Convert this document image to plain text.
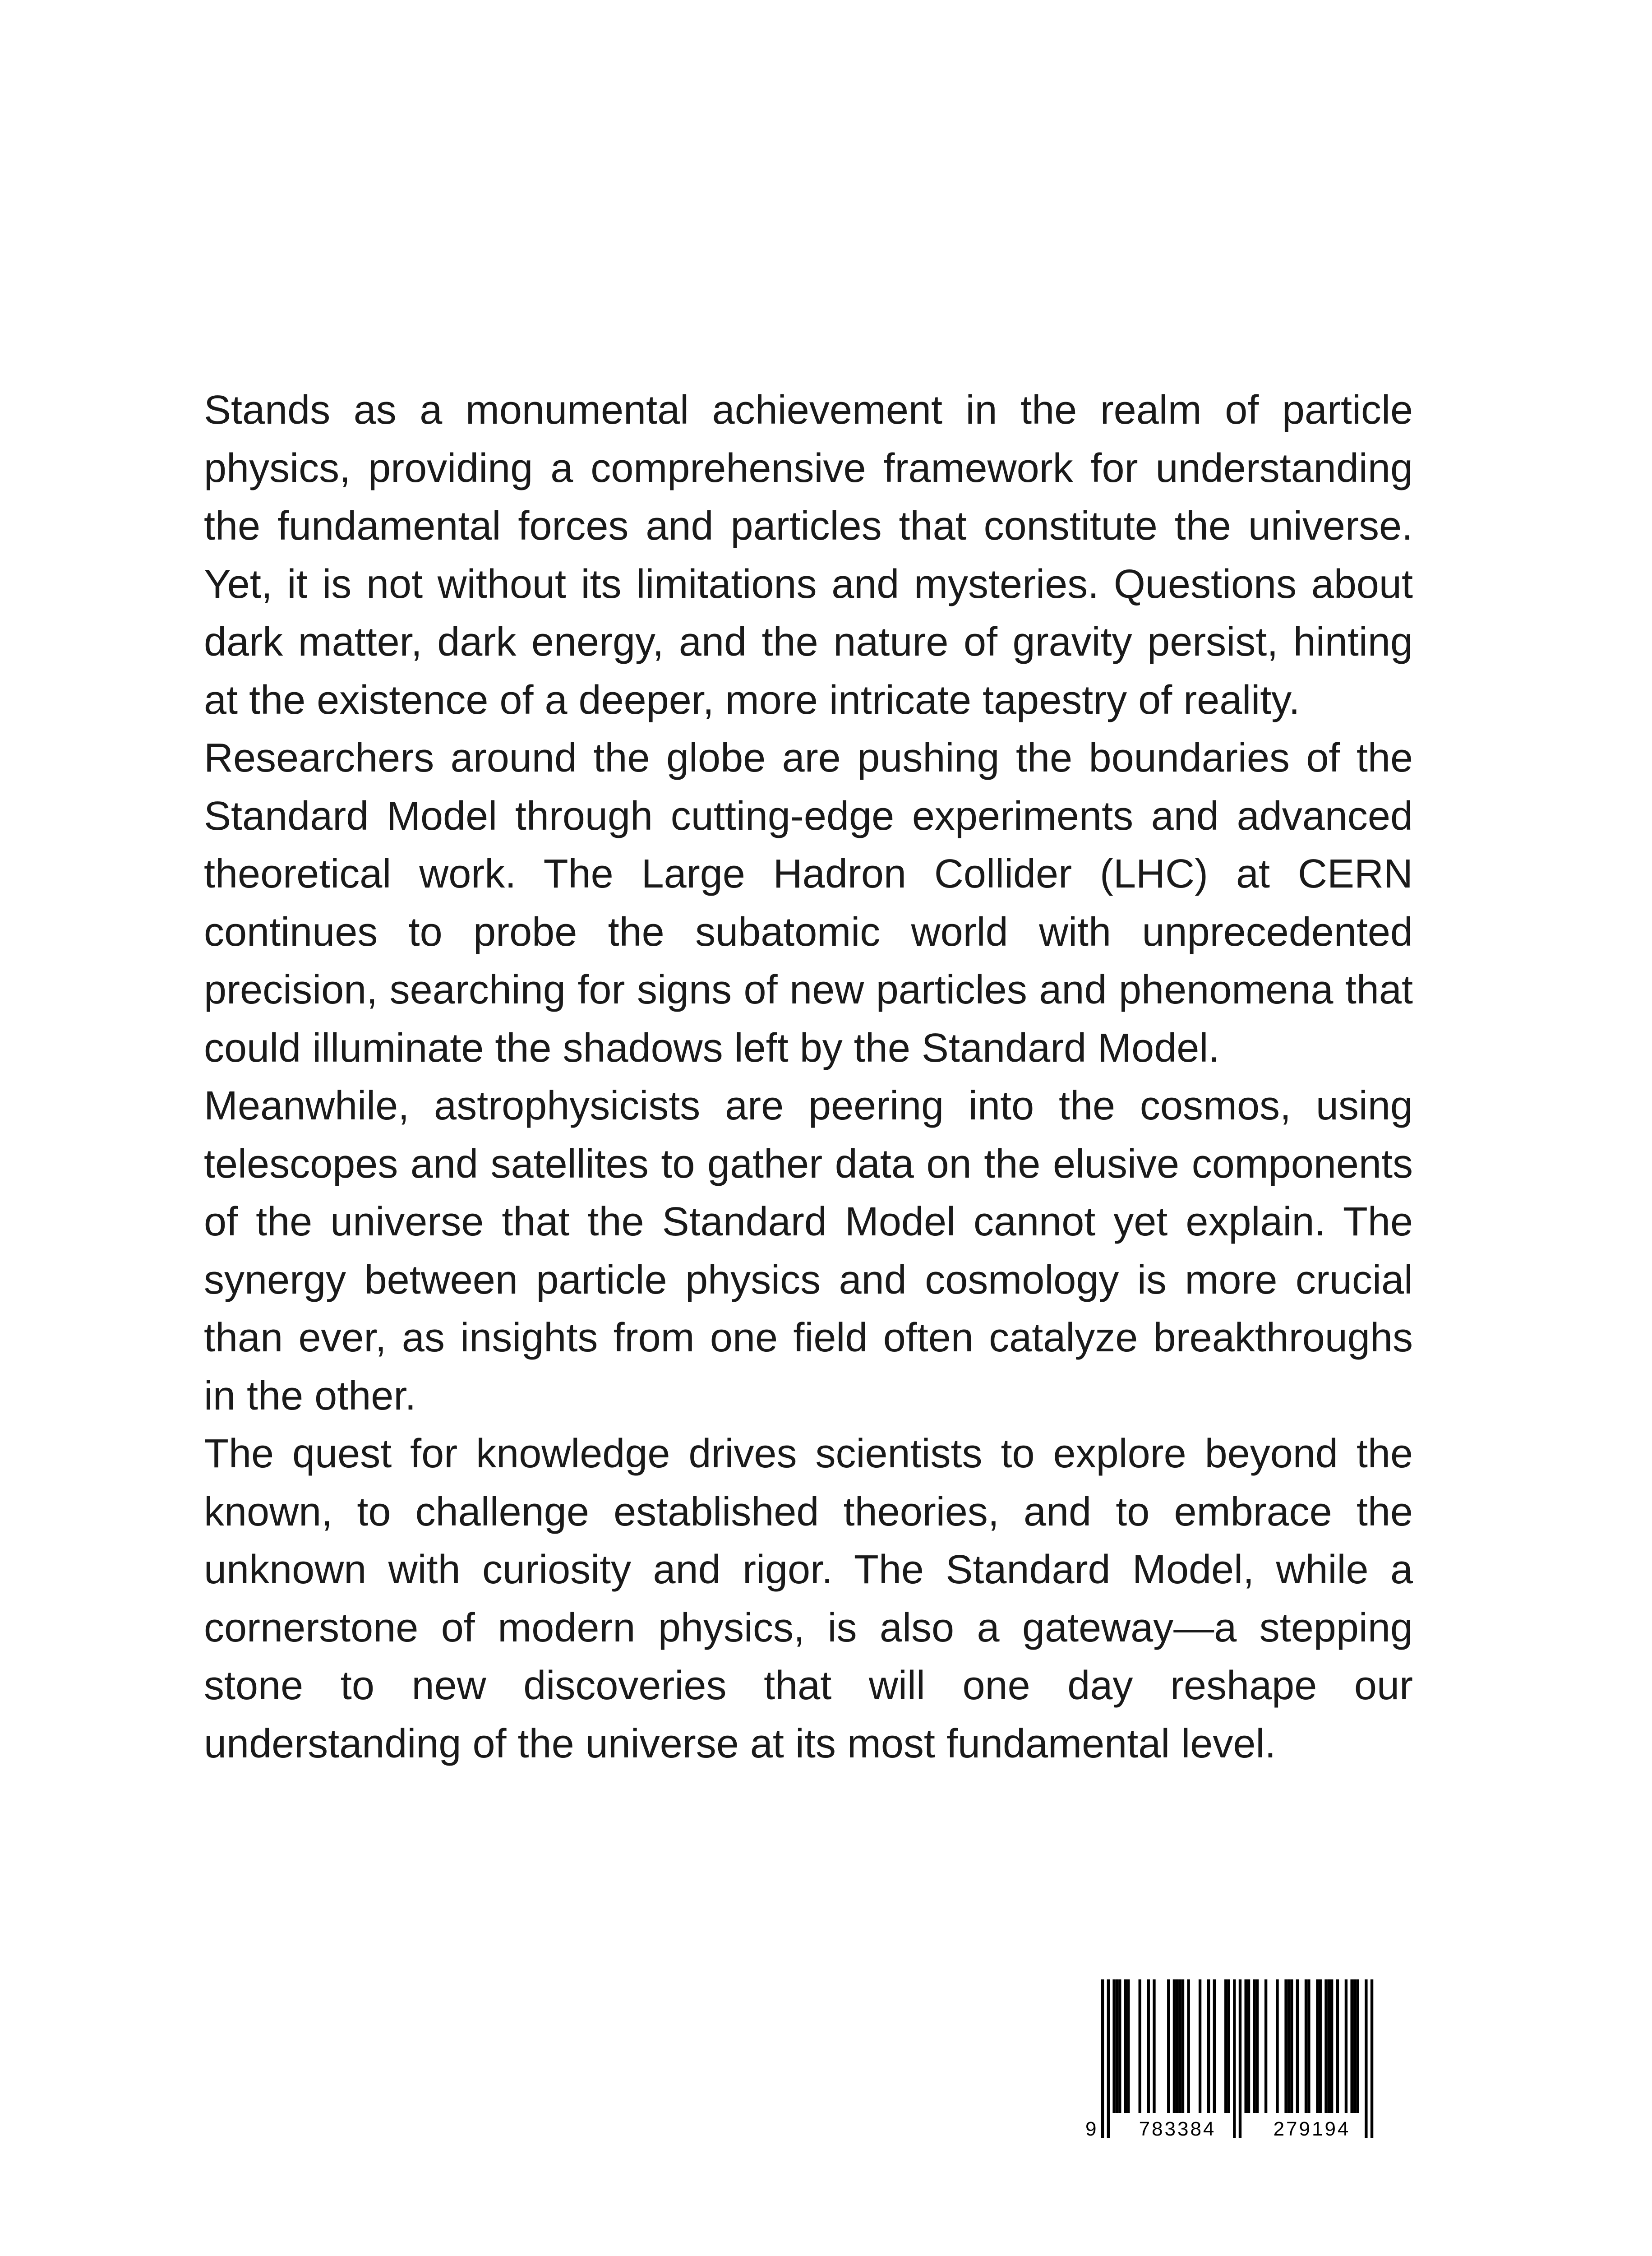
Stands as a monumental achievement in the realm of particle physics, providing a comprehensive framework for understanding the fundamental forces and particles that constitute the universe. Yet, it is not without its limitations and mysteries. Questions about dark matter, dark energy, and the nature of gravity persist, hinting at the existence of a deeper, more intricate tapestry of reality.

Researchers around the globe are pushing the boundaries of the Standard Model through cutting-edge experiments and advanced theoretical work. The Large Hadron Collider (LHC) at CERN continues to probe the subatomic world with unprecedented precision, searching for signs of new particles and phenomena that could illuminate the shadows left by the Standard Model.

Meanwhile, astrophysicists are peering into the cosmos, using telescopes and satellites to gather data on the elusive components of the universe that the Standard Model cannot yet explain. The synergy between particle physics and cosmology is more crucial than ever, as insights from one field often catalyze breakthroughs in the other.

The quest for knowledge drives scientists to explore beyond the known, to challenge established theories, and to embrace the unknown with curiosity and rigor. The Standard Model, while a cornerstone of modern physics, is also a gateway—a stepping stone to new discoveries that will one day reshape our understanding of the universe at its most fundamental level.

9 783384	279194
